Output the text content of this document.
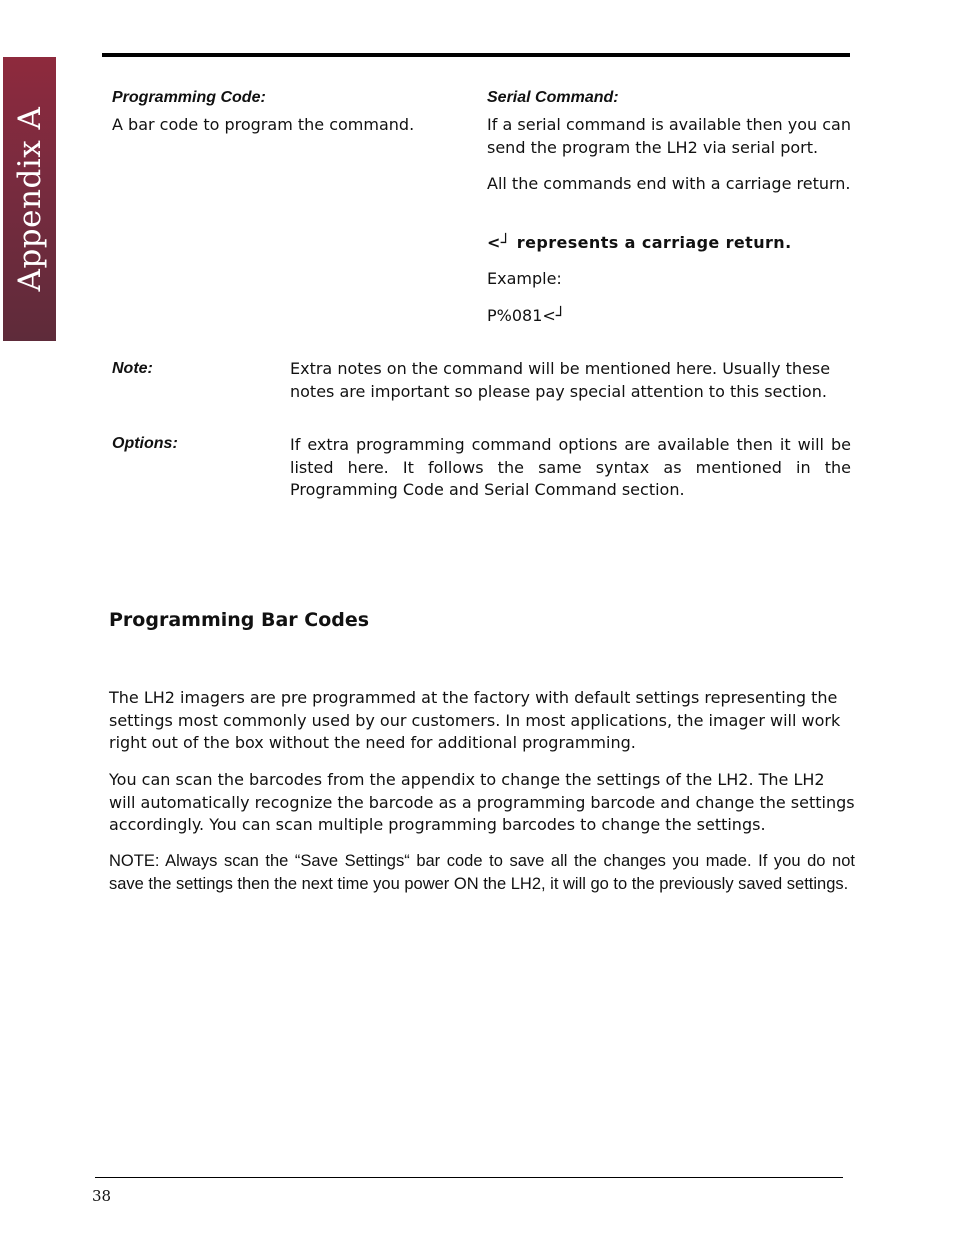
Appendix A
Programming Code:
A bar code to program the command.
Serial Command:
If a serial command is available then you can send the program the LH2 via serial port.
All the commands end with a carriage return.
<┘ represents a carriage return.
Example:
P%081<┘
Note:	Extra notes on the command will be mentioned here. Usually these notes are important so please pay special attention to this section.
Options:	If extra programming command options are available then it will be listed here. It follows the same syntax as mentioned in the Programming Code and Serial Command section.
Programming Bar Codes
The LH2 imagers are pre programmed at the factory with default settings representing the settings most commonly used by our customers. In most applications, the imager will work right out of the box without the need for additional programming.
You can scan the barcodes from the appendix to change the settings of the LH2. The LH2 will automatically recognize the barcode as a programming barcode and change the settings accordingly. You can scan multiple programming barcodes to change the settings.
NOTE: Always scan the “Save Settings“ bar code to save all the changes you made. If you do not save the settings then the next time you power ON the LH2, it will go to the previously saved settings.
38
